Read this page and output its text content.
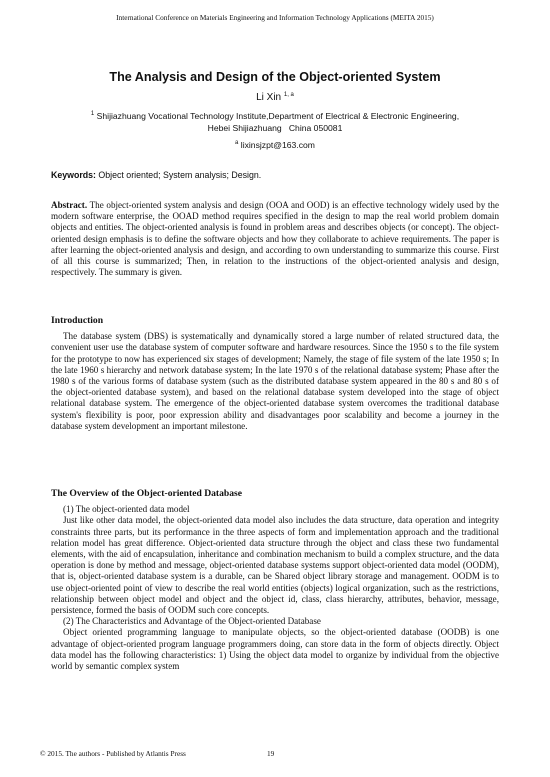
International Conference on Materials Engineering and Information Technology Applications (MEITA 2015)
The Analysis and Design of the Object-oriented System
Li Xin $^{1, a}$
$^1$ Shijiazhuang Vocational Technology Institute,Department of Electrical & Electronic Engineering,
Hebei Shijiazhuang   China 050081
$^a$ lixinsjzpt@163.com
Keywords: Object oriented; System analysis; Design.

Abstract. The object-oriented system analysis and design (OOA and OOD) is an effective technology widely used by the modern software enterprise, the OOAD method requires specified in the design to map the real world problem domain objects and entities. The object-oriented analysis is found in problem areas and describes objects (or concept). The object-oriented design emphasis is to define the software objects and how they collaborate to achieve requirements. The paper is after learning the object-oriented analysis and design, and according to own understanding to summarize this course. First of all this course is summarized; Then, in relation to the instructions of the object-oriented analysis and design, respectively. The summary is given.

Introduction

The database system (DBS) is systematically and dynamically stored a large number of related structured data, the convenient user use the database system of computer software and hardware resources. Since the 1950 s to the file system for the prototype to now has experienced six stages of development; Namely, the stage of file system of the late 1950 s; In the late 1960 s hierarchy and network database system; In the late 1970 s of the relational database system; Phase after the 1980 s of the various forms of database system (such as the distributed database system appeared in the 80 s and 80 s of the object-oriented database system), and based on the relational database system developed into the stage of object relational database system. The emergence of the object-oriented database system overcomes the traditional database system's flexibility is poor, poor expression ability and disadvantages poor scalability and become a journey in the database system development an important milestone.

The Overview of the Object-oriented Database

(1) The object-oriented data model

Just like other data model, the object-oriented data model also includes the data structure, data operation and integrity constraints three parts, but its performance in the three aspects of form and implementation approach and the traditional relation model has great difference. Object-oriented data structure through the object and class these two fundamental elements, with the aid of encapsulation, inheritance and combination mechanism to build a complex structure, and the data operation is done by method and message, object-oriented database systems support object-oriented data model (OODM), that is, object-oriented database system is a durable, can be Shared object library storage and management. OODM is to use object-oriented point of view to describe the real world entities (objects) logical organization, such as the restrictions, relationship between object model and object and the object id, class, class hierarchy, attributes, behavior, message, persistence, formed the basis of OODM such core concepts.

(2) The Characteristics and Advantage of the Object-oriented Database

Object oriented programming language to manipulate objects, so the object-oriented database (OODB) is one advantage of object-oriented program language programmers doing, can store data in the form of objects directly. Object data model has the following characteristics: 1) Using the object data model to organize by individual from the objective world by semantic complex system

© 2015. The authors - Published by Atlantis Press	19
